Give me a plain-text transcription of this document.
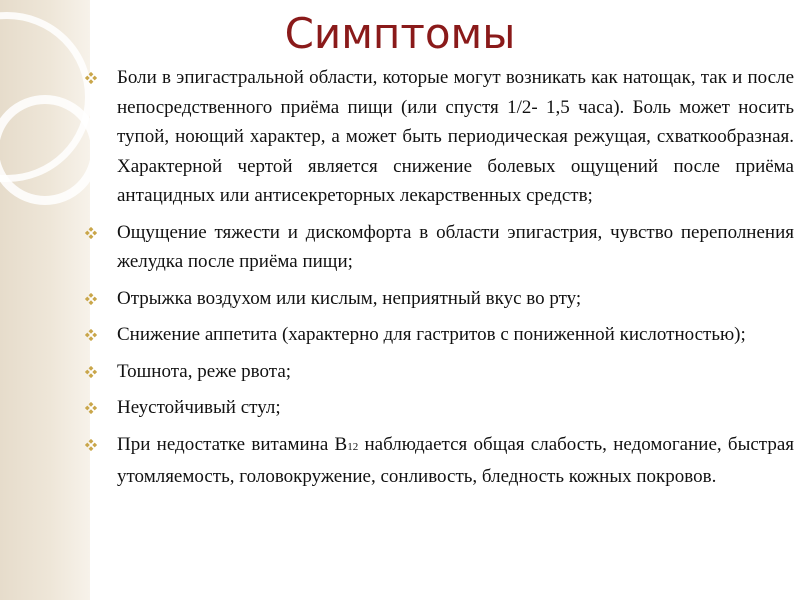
Симптомы
Боли в эпигастральной области, которые могут возникать как натощак, так и после непосредственного приёма пищи (или спустя 1/2- 1,5 часа). Боль может носить тупой, ноющий характер, а может быть периодическая режущая, схваткообразная. Характерной чертой является снижение болевых ощущений после приёма антацидных или антисекреторных лекарственных средств;
Ощущение тяжести и дискомфорта в области эпигастрия, чувство переполнения желудка после приёма пищи;
Отрыжка воздухом или кислым, неприятный вкус во рту;
Снижение аппетита (характерно для гастритов с пониженной кислотностью);
Тошнота, реже рвота;
Неустойчивый стул;
При недостатке витамина В12 наблюдается общая слабость, недомогание, быстрая утомляемость, головокружение, сонливость, бледность кожных покровов.
